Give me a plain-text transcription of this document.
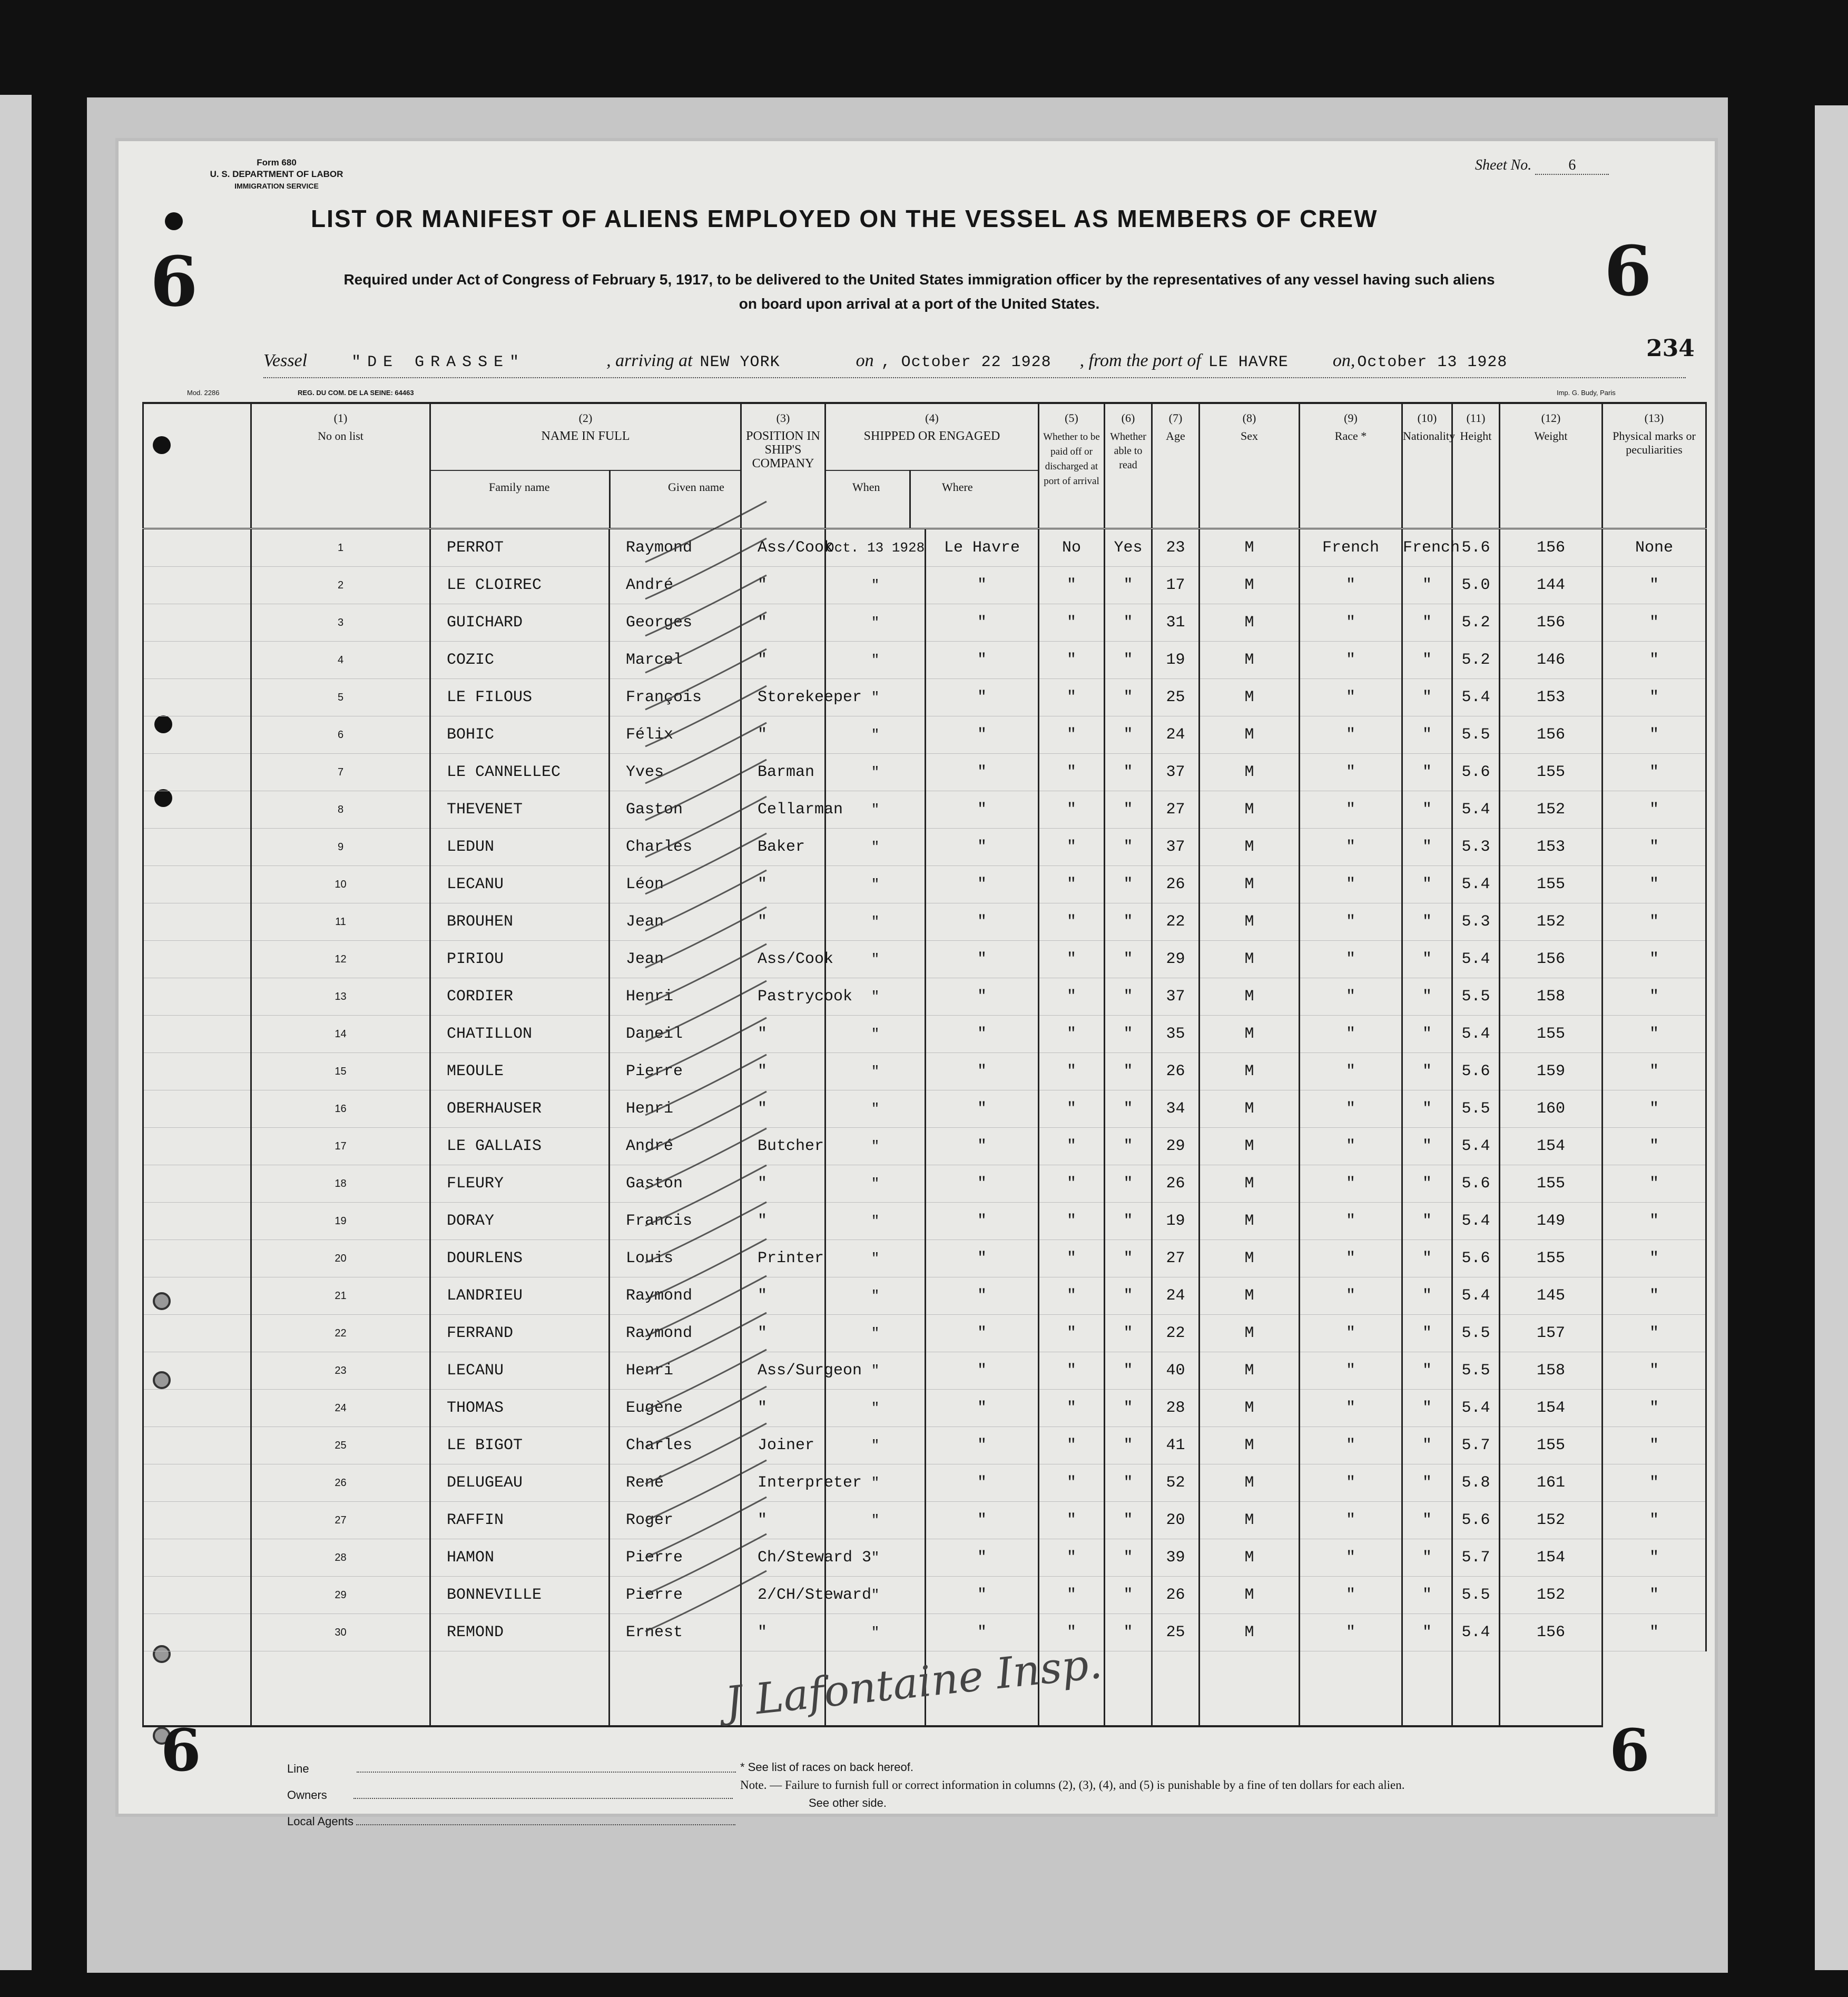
Form 680
U. S. DEPARTMENT OF LABOR
IMMIGRATION SERVICE
Sheet No.	6
LIST OR MANIFEST OF ALIENS EMPLOYED ON THE VESSEL AS MEMBERS OF CREW
Required under Act of Congress of February 5, 1917, to be delivered to the United States immigration officer by the representatives of any vessel having such aliens
on board upon arrival at a port of the United States.
6	6
234
Vessel	"DE GRASSE"	, arriving at NEW YORK	on , October 22 1928 , from the port of LE HAVRE on, October 13 1928
Mod. 2286	REG. DU COM. DE LA SEINE: 64463	Imp. G. Budy, Paris

	(1)
No on list	(2)
NAME IN FULL
Family name Given name		(3)
POSITION IN SHIP'S COMPANY	(4)
SHIPPED OR ENGAGED
When Where		(5)
Whether to be paid off or discharged at port of arrival	(6)
Whether able to read	(7)
Age	(8)
Sex	(9)
Race *	(10)
Nationality	(11)
Height	(12)
Weight	(13)
Physical marks or peculiarities
	1	PERROT	Raymond	Ass/Cook	Oct. 13 1928	Le Havre	No	Yes	23	M	French	French	5.6	156	None
	2	LE CLOIREC	André	"	"	"	"	"	17	M	"	"	5.0	144	"
	3	GUICHARD	Georges	"	"	"	"	"	31	M	"	"	5.2	156	"
	4	COZIC	Marcel	"	"	"	"	"	19	M	"	"	5.2	146	"
	5	LE FILOUS	François	Storekeeper	"	"	"	"	25	M	"	"	5.4	153	"
	6	BOHIC	Félix	"	"	"	"	"	24	M	"	"	5.5	156	"
	7	LE CANNELLEC	Yves	Barman	"	"	"	"	37	M	"	"	5.6	155	"
	8	THEVENET	Gaston	Cellarman	"	"	"	"	27	M	"	"	5.4	152	"
	9	LEDUN	Charles	Baker	"	"	"	"	37	M	"	"	5.3	153	"
	10	LECANU	Léon	"	"	"	"	"	26	M	"	"	5.4	155	"
	11	BROUHEN	Jean	"	"	"	"	"	22	M	"	"	5.3	152	"
	12	PIRIOU	Jean	Ass/Cook	"	"	"	"	29	M	"	"	5.4	156	"
	13	CORDIER	Henri	Pastrycook	"	"	"	"	37	M	"	"	5.5	158	"
	14	CHATILLON	Daneil	"	"	"	"	"	35	M	"	"	5.4	155	"
	15	MEOULE	Pierre	"	"	"	"	"	26	M	"	"	5.6	159	"
	16	OBERHAUSER	Henri	"	"	"	"	"	34	M	"	"	5.5	160	"
	17	LE GALLAIS	André	Butcher	"	"	"	"	29	M	"	"	5.4	154	"
	18	FLEURY	Gaston	"	"	"	"	"	26	M	"	"	5.6	155	"
	19	DORAY	Francis	"	"	"	"	"	19	M	"	"	5.4	149	"
	20	DOURLENS	Louis	Printer	"	"	"	"	27	M	"	"	5.6	155	"
	21	LANDRIEU	Raymond	"	"	"	"	"	24	M	"	"	5.4	145	"
	22	FERRAND	Raymond	"	"	"	"	"	22	M	"	"	5.5	157	"
	23	LECANU	Henri	Ass/Surgeon	"	"	"	"	40	M	"	"	5.5	158	"
	24	THOMAS	Eugène	"	"	"	"	"	28	M	"	"	5.4	154	"
	25	LE BIGOT	Charles	Joiner	"	"	"	"	41	M	"	"	5.7	155	"
	26	DELUGEAU	René	Interpreter	"	"	"	"	52	M	"	"	5.8	161	"
	27	RAFFIN	Roger	"	"	"	"	"	20	M	"	"	5.6	152	"
	28	HAMON	Pierre	Ch/Steward 3	"	"	"	"	39	M	"	"	5.7	154	"
	29	BONNEVILLE	Pierre	2/CH/Steward	"	"	"	"	26	M	"	"	5.5	152	"
	30	REMOND	Ernest	"	"	"	"	"	25	M	"	"	5.4	156	"

J Lafontaine Insp.
Line
Owners
Local Agents
* See list of races on back hereof.
Note. — Failure to furnish full or correct information in columns (2), (3), (4), and (5) is punishable by a fine of ten dollars for each alien.
See other side.
6	6
